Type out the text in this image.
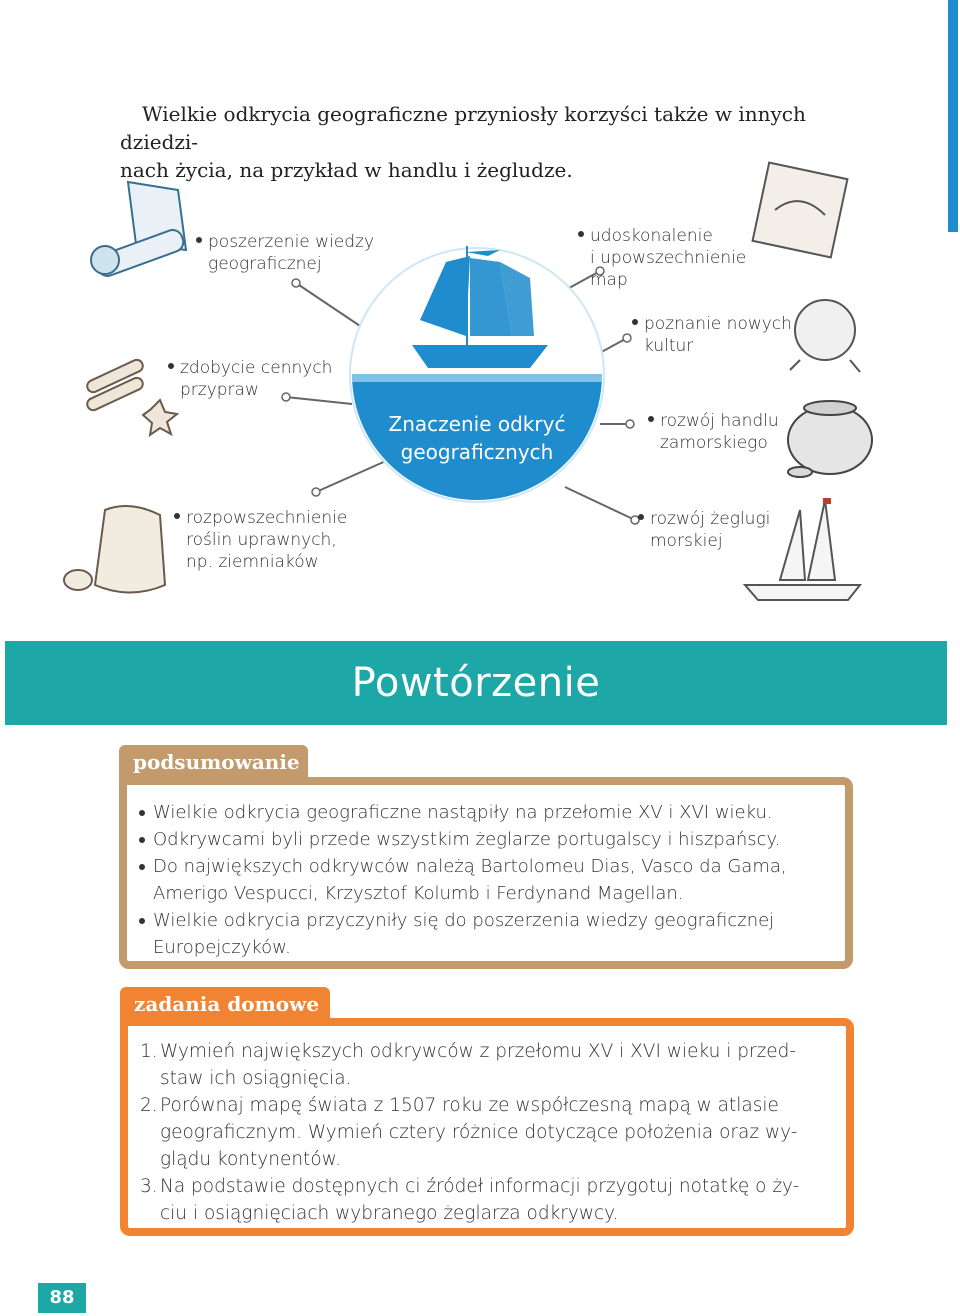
Wielkie odkrycia geograficzne przyniosły korzyści także w innych dziedzi-

nach życia, na przykład w handlu i żegludze.
poszerzenie wiedzy
geograficznej
udoskonalenie
i upowszechnienie
map
zdobycie cennych
przypraw
poznanie nowych
kultur
rozwój handlu
zamorskiego
rozpowszechnienie
roślin uprawnych,
np. ziemniaków
rozwój żeglugi
morskiej
Znaczenie odkryć
geograficznych
Powtórzenie
podsumowanie
Wielkie odkrycia geograficzne nastąpiły na przełomie XV i XVI wieku.
Odkrywcami byli przede wszystkim żeglarze portugalscy i hiszpańscy.
Do największych odkrywców należą Bartolomeu Dias, Vasco da Gama,
Amerigo Vespucci, Krzysztof Kolumb i Ferdynand Magellan.
Wielkie odkrycia przyczyniły się do poszerzenia wiedzy geograficznej
Europejczyków.
zadania domowe
1. Wymień największych odkrywców z przełomu XV i XVI wieku i przed-
staw ich osiągnięcia.
2. Porównaj mapę świata z 1507 roku ze współczesną mapą w atlasie
geograficznym. Wymień cztery różnice dotyczące położenia oraz wy-
glądu kontynentów.
3. Na podstawie dostępnych ci źródeł informacji przygotuj notatkę o ży-
ciu i osiągnięciach wybranego żeglarza odkrywcy.
88
